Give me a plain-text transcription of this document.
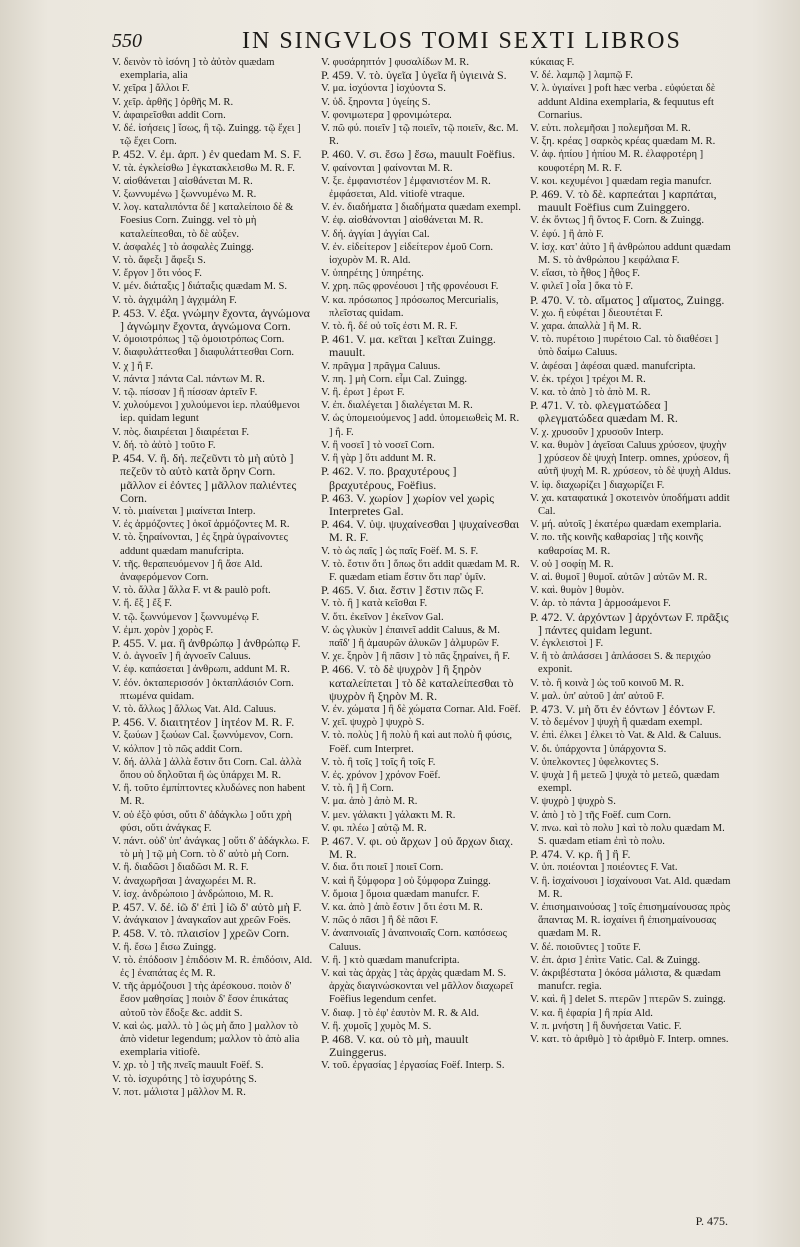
550	IN SINGVLOS TOMI SEXTI LIBROS

V. δεινὸν τὸ ἰσόνη ] τὸ ἀὐτὸν quædam exemplaria, alia

V. χεῖρα ] ἄλλοι F.

V. χεῖρ. ἀρθῆς ] ὀρθῆς M. R.

V. ἀφαιρεῖσθαι addit Corn.

V. δέ. ἰσήσεις ] ἴσως, ἢ τῷ. Zuingg. τῷ ἔχει ] τῷ ἔχει Corn.

P. 452. V. ἐμ. ἀρπ. ) ἐν quedam M. S. F.

V. τὰ. ἐγκλείσθω ] ἐγκατακλεισθω M. R. F.

V. αἰσθάνεται ] αἰσθάνεται M. R.

V. ξωννυμένω ] ξωννυμένω M. R.

V. λογ. καταλιπόντα δέ ] καταλείποιο δὲ & Foesius Corn. Zuingg. vel τὸ μὴ καταλείπεσθαι, τὸ δὲ αὐξεν.

V. ἀσφαλές ] τὸ ἀσφαλὲς Zuingg.

V. τὸ. ἄφεξι ] ἄφεξι S.

V. ἔργον ] ὅτι νόος F.

V. μέν. διάταξις ] διάταξις quædam M. S.

V. τὸ. ἀγχιμάλη ] ἀγχιμάλη F.

P. 453. V. ἐξα. γνώμην ἔχοντα, ἀγνώμονα ] ἀγνώμην ἔχοντα, ἀγνώμονα Corn.

V. ὁμοιοτρόπως ] τῷ ὁμοιοτρόπως Corn.

V. διαφυλάττεσθαι ] διαφυλάττεσθαι Corn.

V. χ ] ἢ F.

V. πάντα ] πάντα Cal. πάντων M. R.

V. τῷ. πίσσαν ] ἢ πίσσαν ἀρτεῖν F.

V. χυλούμενοι ] χυλούμενοι ἱερ. πλαύθμενοι ἱερ. quidam legunt

V. πὸς. διαιρέεται ] διαιρέεται F.

V. δή. τὸ ἀὐτὸ ] τοῦτο F.

P. 454. V. ἢ. δή. πεζεῦντι τὸ μὴ αὐτὸ ] πεζεῦν τὸ αὐτὸ κατὰ ὄρην Corn. μᾶλλον εἰ ἐόντες ] μᾶλλον παλιέντες Corn.

V. τὸ. μιαίνεται ] μιαίνεται Interp.

V. ἐς ἁρμόζοντες ] ὁκοῖ ἁρμόζοντες M. R.

V. τὸ. ξηραίνονται, ] ἐς ξηρὰ ὑγραίνοντες addunt quædam manufcripta.

V. τῆς. θεραπευόμενον ] ἢ ἄσε Ald. ἀναφερόμενον Corn.

V. τὸ. ἄλλα ] ἄλλα F. vt & paulò poft.

V. ἤ. ἔξ ] ἔξ F.

V. τῷ. ξωννύμενον ] ξωννυμένῳ F.

V. ἐμπ. χορὸν ] χορὸς F.

P. 455. V. μα. ἢ ἀνθρώπῳ ] ἀνθρώπῳ F.

V. ὁ. ἀγνοεῖν ] ἢ ἀγνοεῖν Caluus.

V. ἐφ. καπάσεται ] ἀνθρωπι, addunt M. R.

V. ἐόν. ὀκταπερισσόν ] ὀκταπλάσιόν Corn. πτωμένα quidam.

V. τὸ. ἄλλως ] ἄλλως Vat. Ald. Caluus.

P. 456. V. διαιτητέον ] ἰητέον M. R. F.

V. ξωύων ] ξωύων Cal. ξωννύμενον, Corn.

V. κόλπον ] τὸ πῶς addit Corn.

V. δή. ἀλλὰ ] ἀλλὰ ἔστιν ὅτι Corn. Cal. ἀλλὰ ὅπου οὐ δηλοῦται ἢ ὡς ὑπάρχει M. R.

V. ἢ. τοῦτο ἐμπίπτοντες κλυδώνες non habent M. R.

V. οὐ ἐξὸ φύσι, οὔτι δ' ἀδάγκλω ] οὔτι χρὴ φύσι, οὔτι ἀνάγκας F.

V. πάντ. οὐδ' ὑπ' ἀνάγκας ] οὔτι δ' ἀδάγκλω. F. τὸ μὴ ] τῷ μὴ Corn. τὸ δ' αὐτὸ μὴ Corn.

V. ἢ. διαδῶσι ] διαδῶσι M. R. F.

V. ἀναχωρῆσαι ] ἀναχωρέει M. R.

V. ἰσχ. ἀνδρώποιο ] ἀνδρώποιο, M. R.

P. 457. V. δέ. ἰῶ δ' ἐπὶ ] ἰῶ δ' αὐτὸ μὴ F.

V. ἀνάγκαιον ] ἀναγκαῖον aut χρεῶν Foës.

P. 458. V. τὸ. πλαισίον ] χρεῶν Corn.

V. ἢ. ἔσω ] ἔισω Zuingg.

V. τὸ. ἐπόδοσιν ] ἐπιδόσιν M. R. ἐπιδόσιν, Ald. ἐς ] ἐναπάτας ἐς M. R.

V. τῆς ἁρμόζουσι ] τὴς ἀρέσκουσ. ποιὸν δ' ἔσον μαθησίας ] ποιὸν δ' ἔσον ἐπικάτας αὐτοῦ τὸν ἔδοξε &c. addit S.

V. καὶ ὡς. μαλλ. τὸ ] ὡς μὴ ἄπο ] μαλλον τὸ ἀπὸ videtur legendum; μαλλον τὸ ἀπὸ alia exemplaria vitiofè.

V. χρ. τὸ ] τῆς πνεῖς mauult Foëf. S.

V. τὸ. ἰσχυρότης ] τὸ ἰσχυρότης S.

V. ποτ. μάλιστα ] μᾶλλον M. R.

V. φυσάρηπτόν ] φυσαλίδων M. R.

P. 459. V. τὸ. ὑγεῖα ] ὑγεῖα ἢ ὑγιεινὰ S.

V. μα. ἰσχύοντα ] ἰσχύοντα S.

V. ὑδ. ξηροντα ] ὑγείης S.

V. φονιμωτερα ] φρονιμώτερα.

V. πῶ φύ. ποιεῖν ] τῷ ποιεῖν, τῷ ποιεῖν, &c. M. R.

P. 460. V. σι. ἔσω ] ἔσω, mauult Foëfius.

V. φαίνονται ] φαίνονται M. R.

V. ξε. ἐμφανιστέον ] ἐμφανιστέον M. R. ἐμφάσεται, Ald. vitiofè vtraque.

V. ἐν. διαδήματα ] διαδήματα quædam exempl.

V. ἐφ. αἰσθάνονται ] αἰσθάνεται M. R.

V. δή. ἀγγίαι ] ἀγγίαι Cal.

V. ἐν. εἰδείτερον ] εἰδείτερον ἐμοῦ Corn. ἰσχυρὸν M. R. Ald.

V. ὑπηρέτης ] ὑπηρέτης.

V. χρη. πῶς φρονέουσι ] τῆς φρονέουσι F.

V. κα. πρόσωπος ] πρόσωπος Mercurialis, πλεῖστας quidam.

V. τὸ. ἢ. δέ οὐ τοῖς ἐστι M. R. F.

P. 461. V. μα. κεῖται ] κεῖται Zuingg. mauult.

V. πρᾶγμα ] πρᾶγμα Caluus.

V. πη. ] μὴ Corn. εἶμι Cal. Zuingg.

V. ἢ. ἐρωτ ] ἐρωτ F.

V. ἐπ. διαλέγεται ] διαλέγεται M. R.

V. ὡς ὑπομειούμενος ] add. ὑπομειωθεὶς M. R. ] ἢ. F.

V. ἢ νοσεῖ ] τὸ νοσεῖ Corn.

V. ἢ γὰρ ] ὅτι addunt M. R.

P. 462. V. πο. βραχυτέρους ] βραχυτέρους, Foëfius.

P. 463. V. χωρίον ] χωρίον vel χωρὶς Interpretes Gal.

P. 464. V. ὑψ. ψυχαίνεσθαι ] ψυχαίνεσθαι M. R. F.

V. τὸ ὡς παῖς ] ὡς παῖς Foëf. M. S. F.

V. τὸ. ἔστιν ὅτι ] ὅπως ὅτι addit quædam M. R. F. quædam etiam ἔστιν ὅτι παρ' ὑμῖν.

P. 465. V. δια. ἔστιν ] ἔστιν πῶς F.

V. τὸ. ἢ ] κατὰ κεῖσθαι F.

V. ὅτι. ἐκεῖνον ] ἐκεῖνον Gal.

V. ὡς γλυκὺν ] ἐπαινεῖ addit Caluus, & M. παῖδ' ] ἢ ἀμαυρῶν ἀλυκῶν ] ἀλμυρῶν F.

V. χε. ξηρὸν ] ἢ πᾶσιν ] τὸ πᾶς ξηραίνει, ἢ F.

P. 466. V. τὸ δὲ ψυχρὸν ] ἢ ξηρὸν καταλείπεται ] τὸ δὲ καταλείπεσθαι τὸ ψυχρὸν ἢ ξηρὸν M. R.

V. ἐν. χώματα ] ἢ δὲ χώματα Cornar. Ald. Foëf.

V. χεῖ. ψυχρὸ ] ψυχρὸ S.

V. τὸ. πολὺς ] ἢ πολὺ ἢ καὶ aut πολὺ ἢ φύσις, Foëf. cum Interpret.

V. τὸ. ἢ τοῖς ] τοῖς ἢ τοῖς F.

V. ἐς. χρόνον ] χρόνον Foëf.

V. τὸ. ἢ ] ἢ Corn.

V. μα. ἀπὸ ] ἀπὸ M. R.

V. μεν. γάλακτι ] γάλακτι M. R.

V. φι. πλέω ] αὐτῷ M. R.

P. 467. V. φι. οὐ ἄρχων ] οὐ ἄρχων διαχ. M. R.

V. δια. ὅτι ποιεῖ ] ποιεῖ Corn.

V. καὶ ἢ ξύμφορα ] οὐ ξύμφορα Zuingg.

V. ὅμοια ] ὅμοια quædam manufcr. F.

V. κα. ἀπὸ ] ἀπὸ ἔστιν ] ὅτι ἐστι M. R.

V. πῶς ὁ πᾶσι ] ἢ δὲ πᾶσι F.

V. ἀναπνοιαῖς ] ἀναπνοιαῖς Corn. καπόσεως Caluus.

V. ἢ. ] κτὸ quædam manufcripta.

V. καὶ τὰς ἀρχὰς ] τὰς ἀρχὰς quædam M. S. ἀρχὰς διαγινώσκονται vel μᾶλλον διαχωρεῖ Foëfius legendum cenfet.

V. διαφ. ] τὸ ἐφ' ἑαυτὸν M. R. & Ald.

V. ἢ. χυμοῖς ] χυμὸς M. S.

P. 468. V. κα. οὐ τὸ μὴ, mauult Zuinggerus.

V. τοῦ. ἐργασίας ] ἐργασίας Foëf. Interp. S.

κύκαιας F.

V. δέ. λαμπῷ ] λαμπῷ F.

V. λ. ὑγιαίνει ] poft hæc verba . εὐφύεται δὲ addunt Aldina exemplaria, & fequutus eft Cornarius.

V. εὐτι. πολεμῆσαι ] πολεμῆσαι M. R.

V. ξη. κρέας ] σαρκὸς κρέας quædam M. R.

V. ἀφ. ἠπίου ] ἠπίου M. R. ἐλαφροτέρη ] κουφοτέρη M. R. F.

V. κοι. κεχυμένοι ] quædam regia manufcr.

P. 469. V. τὸ δὲ. καρπεάται ] καρπάται, mauult Foëfius cum Zuinggero.

V. ἐκ ὄντως ] ἢ ὄντος F. Corn. & Zuingg.

V. ἐφύ. ] ἢ ἀπὸ F.

V. ἰσχ. κατ' ἀὐτο ] ἢ ἀνθρώπου addunt quædam M. S. τὸ ἀνθρώπου ] κεφάλαια F.

V. εἴασι, τὸ ἦθος ] ἦθος F.

V. φιλεῖ ] οἷα ] ὅκα τὸ F.

P. 470. V. τὸ. αἵματος ] αἵματος, Zuingg.

V. χω. ἢ εὐφέται ] διεουτέται F.

V. χαρα. ἀπαλλὰ ] ἢ M. R.

V. τὸ. πυρέτοιο ] πυρέτοιο Cal. τὸ διαθέσει ] ὑπὸ δαίμω Caluus.

V. ἀφέσαι ] ἀφέσαι quæd. manufcripta.

V. ἐκ. τρέχοι ] τρέχοι M. R.

V. κα. τὸ ἀπὸ ] τὸ ἀπὸ M. R.

P. 471. V. τὸ. φλεγματώδεα ] φλεγματώδεα quædam M. R.

V. χ. χρυσοῦν ] χρυσοῦν Interp.

V. κα. θυμὸν ] ἀγεῖσαι Caluus χρύσεον, ψυχὴν ] χρύσεον δὲ ψυχὴ Interp. omnes, χρύσεον, ἢ αὐτῆ ψυχὴ M. R. χρύσεον, τὸ δὲ ψυχὴ Aldus.

V. ἰφ. διαχωρίζει ] διαχωρίζει F.

V. χα. καταφατικά ] σκοτεινὸν ὑποδήματι addit Cal.

V. μή. αὐτοῖς ] ἑκατέρω quædam exemplaria.

V. πο. τῆς κοινῆς καθαρσίας ] τῆς κοινῆς καθαρσίας M. R.

V. οὐ ] σοφίῃ M. R.

V. αἱ. θυμοῖ ] θυμοῖ. αὐτῶν ] αὐτῶν M. R.

V. καὶ. θυμὸν ] θυμὸν.

V. ἀρ. τὸ πάντα ] ἁρμοσάμενοι F.

P. 472. V. ἀρχόντων ] ἀρχόντων F. πρᾶξις ] πάντες quidam legunt.

V. ἐγκλειστοὶ ] F.

V. ἢ τὸ ἀπλάσσει ] ἀπλάσσει S. & περιχώο exponit.

V. τὸ. ἢ κοινὰ ] ὡς τοῦ κοινοῦ M. R.

V. μαλ. ὑπ' αὐτοῦ ] ἀπ' αὐτοῦ F.

P. 473. V. μὴ ὅτι ἐν ἐόντων ] ἐόντων F.

V. τὸ δεμένον ] ψυχὴ ἢ quædam exempl.

V. ἐπὶ. ἐλκει ] ἐλκει τὸ Vat. & Ald. & Caluus.

V. δι. ὑπάρχοντα ] ὑπάρχοντα S.

V. ὑπελκοντες ] ὑφελκοντες S.

V. ψυχὰ ] ἢ μετεῶ ] ψυχὰ τὸ μετεῶ, quædam exempl.

V. ψυχρὸ ] ψυχρὸ S.

V. ἀπὸ ] τὸ ] τῆς Foëf. cum Corn.

V. πνω. καὶ τὸ πολυ ] καὶ τὸ πολυ quædam M. S. quædam etiam ἐπὶ τὸ πολυ.

P. 474. V. κρ. ἢ ] ἢ F.

V. ὑπ. ποιέονται ] ποιέοντες F. Vat.

V. ἢ. ἰσχαίνουσι ] ἰσχαίνουσι Vat. Ald. quædam M. R.

V. ἐπισημαινούσας ] τοῖς ἐπισημαίνουσας πρὸς ἅπαντας M. R. ἰσχαίνει ἢ ἐπισημαίνουσας quædam M. R.

V. δέ. ποιοῦντες ] τοῦτε F.

V. ἐπ. ἀρισ ] ἐπὶτε Vatic. Cal. & Zuingg.

V. ἀκριβέστατα ] ὁκόσα μάλιστα, & quædam manufcr. regia.

V. καὶ. ἢ ] delet S. πτερῶν ] πτερῶν S. zuingg.

V. κα. ἢ ἐφαρία ] ἢ πρία Ald.

V. π. μνήστη ] ἢ δυνήσεται Vatic. F.

V. κατ. τὸ ἀριθμὸ ] τὸ ἀριθμὸ F. Interp. omnes.

P. 475.
